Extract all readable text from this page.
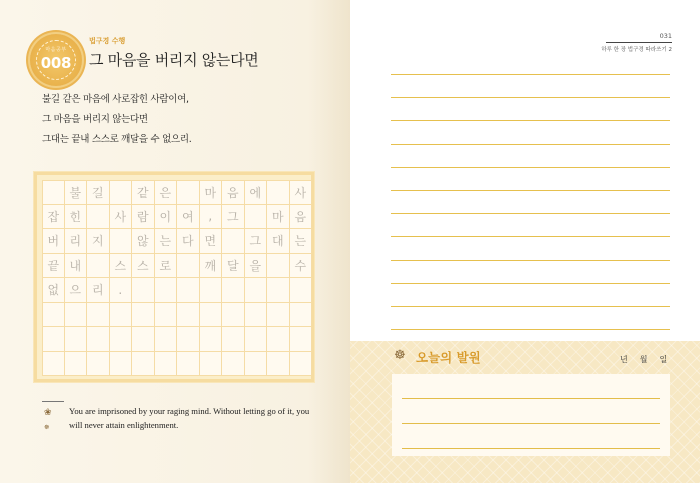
마음공부
008
법구경 수행
그 마음을 버리지 않는다면
불길 같은 마음에 사로잡힌 사람이여,
그 마음을 버리지 않는다면
그대는 끝내 스스로 깨달을 수 없으리.
불 길	같 은	마 음 에	사
잡 힌	사 람 이 여	,	그	마 음
버 리 지	않 는 다 면	그 대 는
끝 내	스 스 로	깨 달 을	수
없 으 리	.
❀
☸
You are imprisoned by your raging mind. Without letting go of it, you will never attain enlightenment.
031
하루 한 장 법구경 따라쓰기 2
☸ 오늘의 발원	년 월 일
